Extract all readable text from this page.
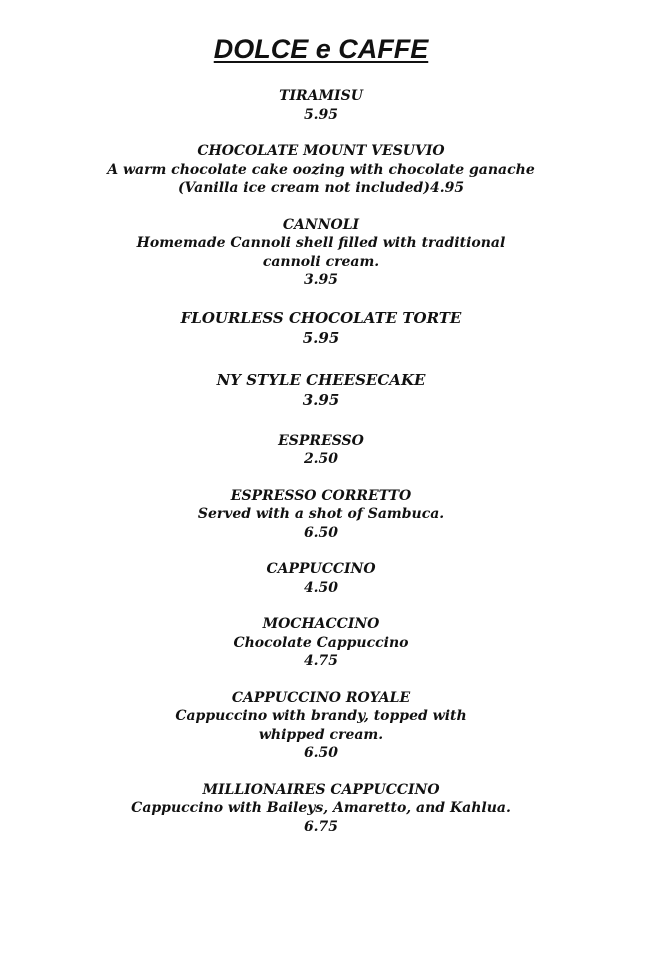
DOLCE e CAFFE
TIRAMISU
5.95
CHOCOLATE MOUNT VESUVIO
A warm chocolate cake oozing with chocolate ganache
(Vanilla ice cream not included)4.95
CANNOLI
Homemade Cannoli shell filled with traditional
cannoli cream.
3.95
FLOURLESS CHOCOLATE TORTE
5.95
NY STYLE CHEESECAKE
3.95
ESPRESSO
2.50
ESPRESSO CORRETTO
Served with a shot of Sambuca.
6.50
CAPPUCCINO
4.50
MOCHACCINO
Chocolate Cappuccino
4.75
CAPPUCCINO ROYALE
Cappuccino with brandy, topped with
whipped cream.
6.50
MILLIONAIRES CAPPUCCINO
Cappuccino with Baileys, Amaretto, and Kahlua.
6.75
